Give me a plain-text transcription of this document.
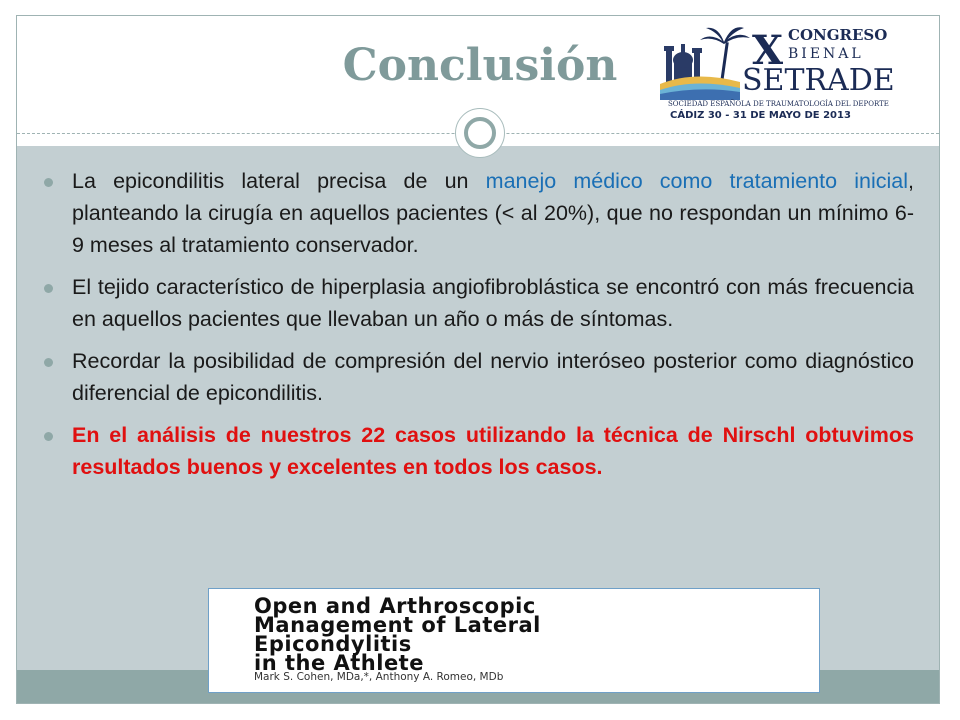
Conclusión	X CONGRESO
BIENAL
SETRADE
SOCIEDAD ESPAÑOLA DE TRAUMATOLOGÍA DEL DEPORTE
CÁDIZ 30 - 31 DE MAYO DE 2013
La epicondilitis lateral precisa de un manejo médico como tratamiento inicial, planteando la cirugía en aquellos pacientes (< al 20%), que no respondan un mínimo 6-9 meses al tratamiento conservador.
El tejido característico de hiperplasia angiofibroblástica se encontró con más frecuencia en aquellos pacientes que llevaban un año o más de síntomas.
Recordar la posibilidad de compresión del nervio interóseo posterior como diagnóstico diferencial de epicondilitis.
En el análisis de nuestros 22 casos utilizando la técnica de Nirschl obtuvimos resultados buenos y excelentes en todos los casos.
Open and Arthroscopic
Management of Lateral
Epicondylitis
in the Athlete
Mark S. Cohen, MDa,*, Anthony A. Romeo, MDb
